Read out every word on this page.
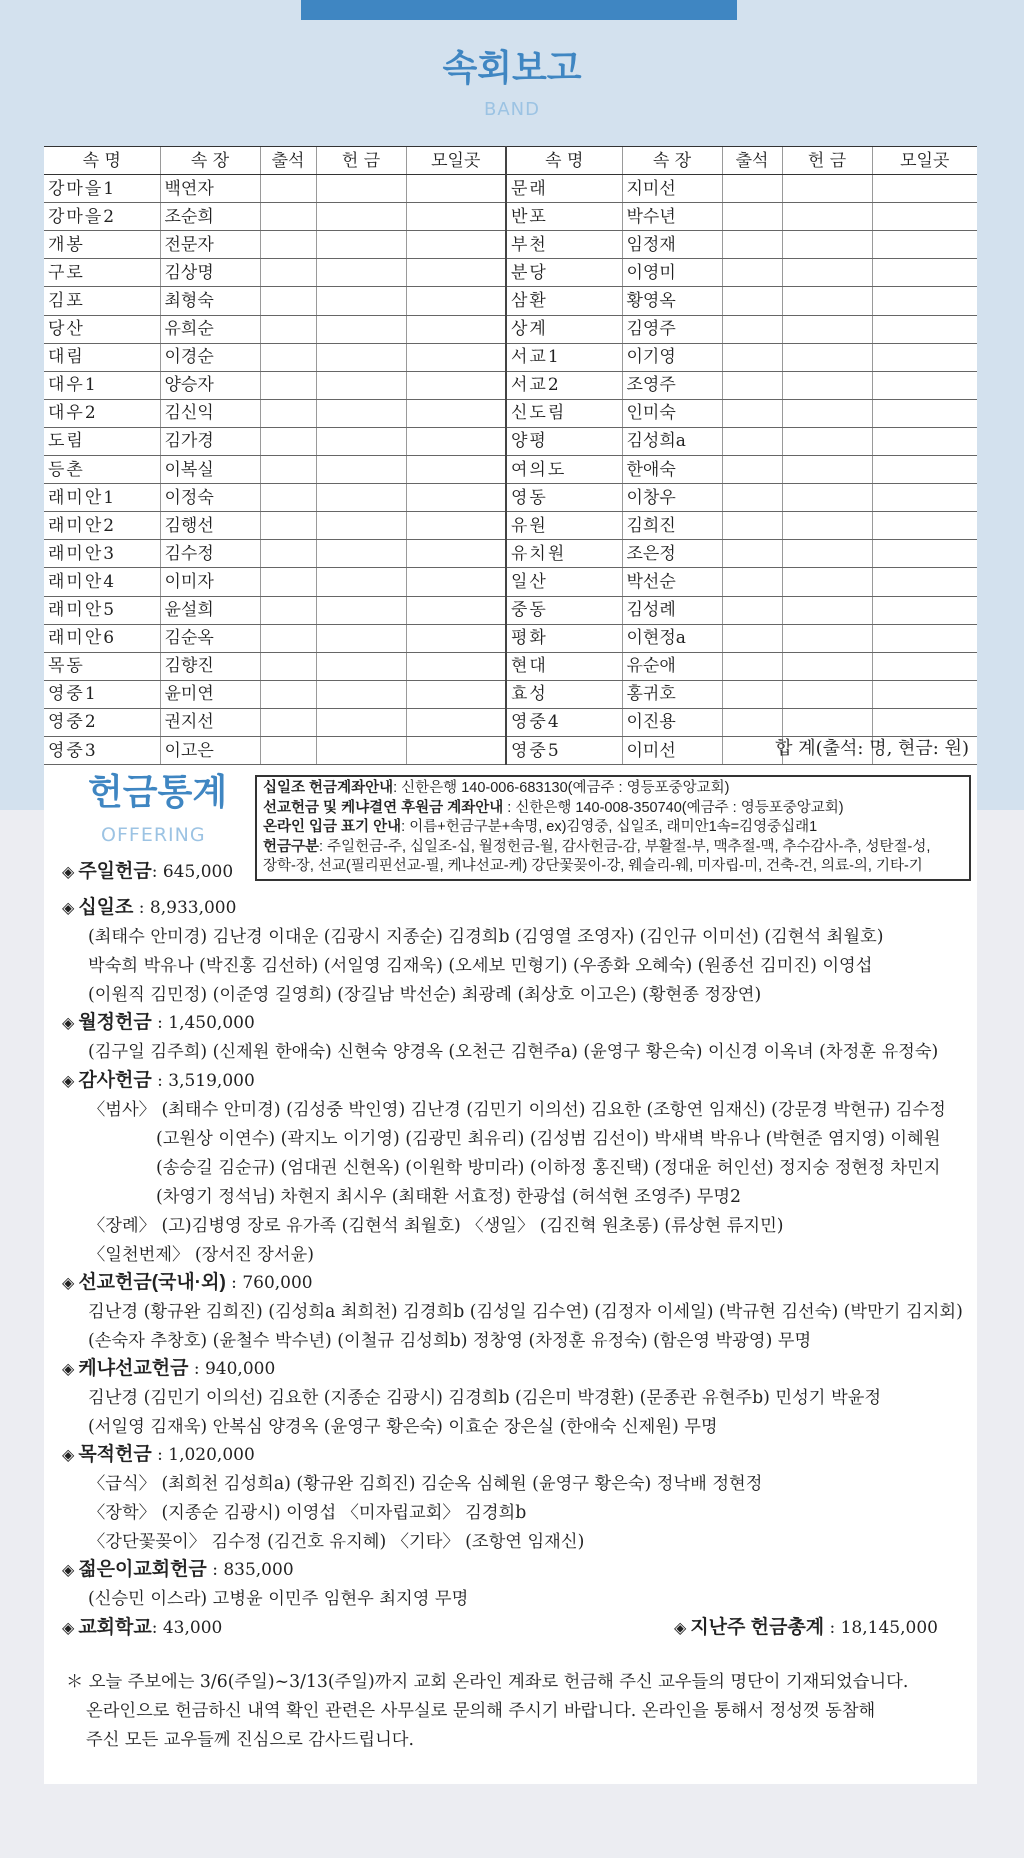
속회보고
BAND
속 명	속 장	출석	헌 금	모일곳	속 명	속 장	출석	헌 금	모일곳
강마을1	백연자				문래	지미선			
강마을2	조순희				반포	박수년			
개봉	전문자				부천	임정재			
구로	김상명				분당	이영미			
김포	최형숙				삼환	황영옥			
당산	유희순				상계	김영주			
대림	이경순				서교1	이기영			
대우1	양승자				서교2	조영주			
대우2	김신익				신도림	인미숙			
도림	김가경				양평	김성희a			
등촌	이복실				여의도	한애숙			
래미안1	이정숙				영동	이창우			
래미안2	김행선				유원	김희진			
래미안3	김수정				유치원	조은정			
래미안4	이미자				일산	박선순			
래미안5	윤설희				중동	김성례			
래미안6	김순옥				평화	이현정a			
목동	김향진				현대	유순애			
영중1	윤미연				효성	홍귀호			
영중2	권지선				영중4	이진용			
영중3	이고은				영중5	이미선				합 계(출석: 명, 현금: 원)
헌금통계
OFFERING
십일조 헌금계좌안내: 신한은행 140-006-683130(예금주 : 영등포중앙교회)
선교헌금 및 케냐결연 후원금 계좌안내 : 신한은행 140-008-350740(예금주 : 영등포중앙교회)
온라인 입금 표기 안내: 이름+헌금구분+속명, ex)김영중, 십일조, 래미안1속=김영중십래1
헌금구분: 주일헌금-주, 십일조-십, 월정헌금-월, 감사헌금-감, 부활절-부, 맥추절-맥, 추수감사-추, 성탄절-성,
장학-장, 선교(필리핀선교-필, 케냐선교-케) 강단꽃꽂이-강, 웨슬리-웨, 미자립-미, 건축-건, 의료-의, 기타-기
◈ 주일헌금: 645,000
◈ 십일조 : 8,933,000
(최태수 안미경) 김난경 이대운 (김광시 지종순) 김경희b (김영열 조영자) (김인규 이미선) (김현석 최월호)
박숙희 박유나 (박진홍 김선하) (서일영 김재욱) (오세보 민형기) (우종화 오혜숙) (원종선 김미진) 이영섭
(이원직 김민정) (이준영 길영희) (장길남 박선순) 최광례 (최상호 이고은) (황현종 정장연)
◈ 월정헌금 : 1,450,000
(김구일 김주희) (신제원 한애숙) 신현숙 양경옥 (오천근 김현주a) (윤영구 황은숙) 이신경 이옥녀 (차정훈 유정숙)
◈ 감사헌금 : 3,519,000
〈범사〉 (최태수 안미경) (김성중 박인영) 김난경 (김민기 이의선) 김요한 (조항연 임재신) (강문경 박현규) 김수정
(고원상 이연수) (곽지노 이기영) (김광민 최유리) (김성범 김선이) 박새벽 박유나 (박현준 염지영) 이혜원
(송승길 김순규) (엄대권 신현옥) (이원학 방미라) (이하정 홍진택) (정대윤 허인선) 정지숭 정현정 차민지
(차영기 정석님) 차현지 최시우 (최태환 서효정) 한광섭 (허석현 조영주) 무명2
〈장례〉 (고)김병영 장로 유가족 (김현석 최월호) 〈생일〉 (김진혁 원초롱) (류상현 류지민)
〈일천번제〉 (장서진 장서윤)
◈ 선교헌금(국내·외) : 760,000
김난경 (황규완 김희진) (김성희a 최희천) 김경희b (김성일 김수연) (김정자 이세일) (박규현 김선숙) (박만기 김지회)
(손숙자 추창호) (윤철수 박수년) (이철규 김성희b) 정창영 (차정훈 유정숙) (함은영 박광영) 무명
◈ 케냐선교헌금 : 940,000
김난경 (김민기 이의선) 김요한 (지종순 김광시) 김경희b (김은미 박경환) (문종관 유현주b) 민성기 박윤정
(서일영 김재욱) 안복심 양경옥 (윤영구 황은숙) 이효순 장은실 (한애숙 신제원) 무명
◈ 목적헌금 : 1,020,000
〈급식〉 (최희천 김성희a) (황규완 김희진) 김순옥 심혜원 (윤영구 황은숙) 정낙배 정현정
〈장학〉 (지종순 김광시) 이영섭 〈미자립교회〉 김경희b
〈강단꽃꽂이〉 김수정 (김건호 유지혜) 〈기타〉 (조항연 임재신)
◈ 젊은이교회헌금 : 835,000
(신승민 이스라) 고병윤 이민주 임현우 최지영 무명
◈ 교회학교: 43,000	◈ 지난주 헌금총계 : 18,145,000
＊ 오늘 주보에는 3/6(주일)~3/13(주일)까지 교회 온라인 계좌로 헌금해 주신 교우들의 명단이 기재되었습니다.
온라인으로 헌금하신 내역 확인 관련은 사무실로 문의해 주시기 바랍니다. 온라인을 통해서 정성껏 동참해
주신 모든 교우들께 진심으로 감사드립니다.
